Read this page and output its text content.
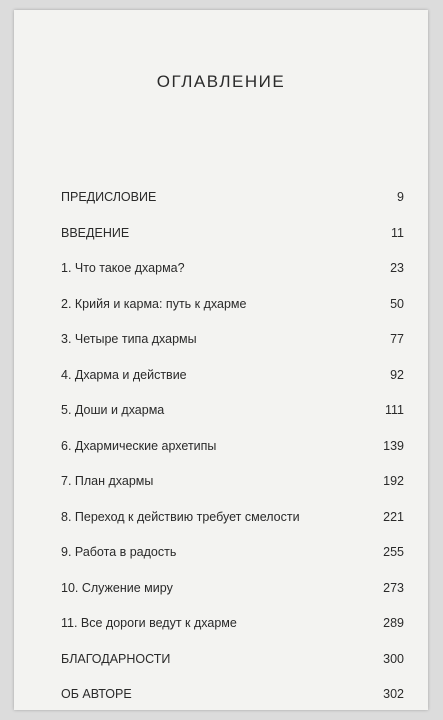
ОГЛАВЛЕНИЕ
ПРЕДИСЛОВИЕ	9
ВВЕДЕНИЕ	11
1. Что такое дхарма?	23
2. Крийя и карма: путь к дхарме	50
3. Четыре типа дхармы	77
4. Дхарма и действие	92
5. Доши и дхарма	111
6. Дхармические архетипы	139
7. План дхармы	192
8. Переход к действию требует смелости	221
9. Работа в радость	255
10. Служение миру	273
11. Все дороги ведут к дхарме	289
БЛАГОДАРНОСТИ	300
ОБ АВТОРЕ	302
